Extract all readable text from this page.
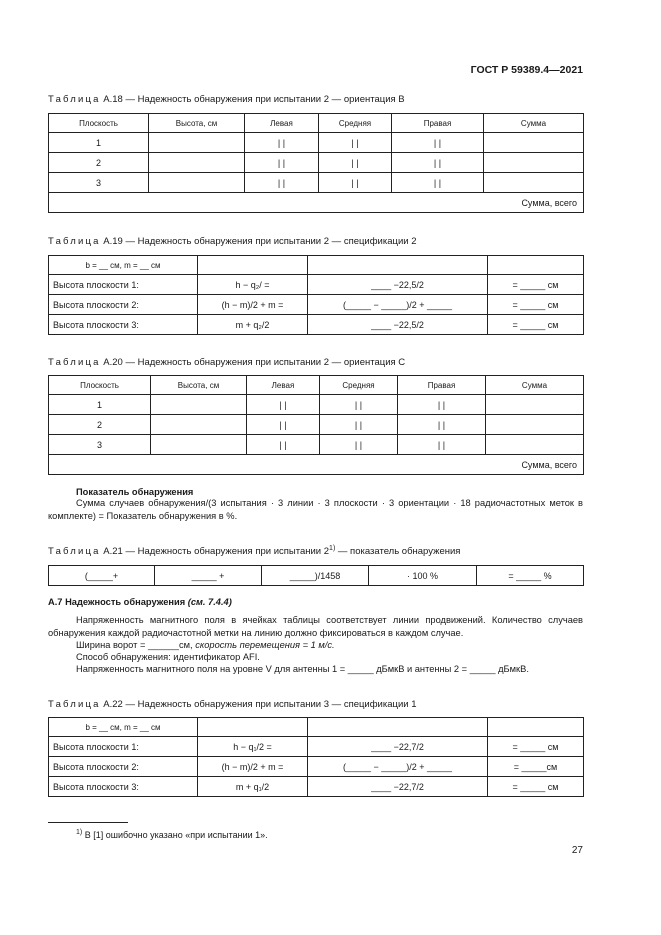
ГОСТ Р 59389.4—2021
Таблица А.18 — Надежность обнаружения при испытании 2 — ориентация B
Плоскость	Высота, см	Левая	Средняя	Правая	Сумма
1		| |	| |	| |	
2		| |	| |	| |	
3		| |	| |	| |	
Сумма, всего					
Таблица А.19 — Надежность обнаружения при испытании 2 — спецификации 2
b = __ см, m = __ см			
Высота плоскости 1:	h − q₂/ =	____ −22,5/2	= _____ см
Высота плоскости 2:	(h − m)/2 + m =	(_____ − _____)/2 + _____	= _____ см
Высота плоскости 3:	m + q₂/2	____ −22,5/2	= _____ см
Таблица А.20 — Надежность обнаружения при испытании 2 — ориентация C
Плоскость	Высота, см	Левая	Средняя	Правая	Сумма
1		| |	| |	| |	
2		| |	| |	| |	
3		| |	| |	| |	
Сумма, всего					
Показатель обнаружения
Сумма случаев обнаружения/(3 испытания · 3 линии · 3 плоскости · 3 ориентации · 18 радиочастотных меток в комплекте) = Показатель обнаружения в %.
Таблица А.21 — Надежность обнаружения при испытании 2$^{1)}$ — показатель обнаружения
(_____+	_____ +	_____)/1458	· 100 %	= _____ %
А.7 Надежность обнаружения (см. 7.4.4)
Напряженность магнитного поля в ячейках таблицы соответствует линии продвижений. Количество случаев обнаружения каждой радиочастотной метки на линию должно фиксироваться в каждом случае.
Ширина ворот = ______см, скорость перемещения = 1 м/с.
Способ обнаружения: идентификатор AFI.
Напряженность магнитного поля на уровне V для антенны 1 = _____ дБмкВ и антенны 2 = _____ дБмкВ.
Таблица А.22 — Надежность обнаружения при испытании 3 — спецификации 1
b = __ см, m = __ см			
Высота плоскости 1:	h − q₁/2 =	____ −22,7/2	= _____ см
Высота плоскости 2:	(h − m)/2 + m =	(_____ − _____)/2 + _____	= _____см
Высота плоскости 3:	m + q₁/2	____ −22,7/2	= _____ см
$^{1)}$ В [1] ошибочно указано «при испытании 1».
27
